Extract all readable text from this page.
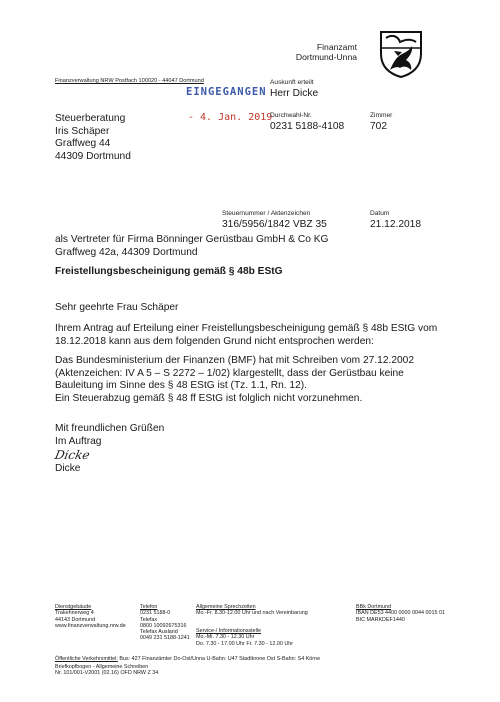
Finanzamt
Dortmund-Unna
Finanzverwaltung NRW Postfach 100020 - 44047 Dortmund
EINGEGANGEN
- 4. Jan. 2019
Steuerberatung
Iris Schäper
Graffweg 44
44309 Dortmund
Auskunft erteilt
Herr Dicke
Durchwahl-Nr.
0231 5188-4108
Zimmer
702
Steuernummer / Aktenzeichen
316/5956/1842 VBZ 35
Datum
21.12.2018
als Vertreter für Firma Bönninger Gerüstbau GmbH & Co KG
Graffweg 42a, 44309 Dortmund
Freistellungsbescheinigung gemäß § 48b EStG
Sehr geehrte Frau Schäper
Ihrem Antrag auf Erteilung einer Freistellungsbescheinigung gemäß § 48b EStG vom
18.12.2018 kann aus dem folgenden Grund nicht entsprochen werden:
Das Bundesministerium der Finanzen (BMF) hat mit Schreiben vom 27.12.2002
(Aktenzeichen: IV A 5 – S 2272 – 1/02) klargestellt, dass der Gerüstbau keine
Bauleitung im Sinne des § 48 EStG ist (Tz. 1.1, Rn. 12).
Ein Steuerabzug gemäß § 48 ff EStG ist folglich nicht vorzunehmen.
Mit freundlichen Grüßen
Im Auftrag
Dicke
Dicke
Dienstgebäude
Trakehnerweg 4
44143 Dortmund
www.finanzverwaltung.nrw.de
Telefon
0231 5188-0
Telefax
0800 10092675316
Telefax Ausland
0049 231 5188-1241
Allgemeine Sprechzeiten
Mo.-Fr. 8.30-12.00 Uhr und nach Vereinbarung
Service-/ Informationsstelle
Mo.-Mi. 7.30 - 12.30 Uhr
Do. 7.30 - 17.00 Uhr Fr. 7.30 - 12.00 Uhr
BBk Dortmund
IBAN DE53 4400 0000 0044 0015 01
BIC MARKDEF1440
Öffentliche Verkehrsmittel: Bus: 427 Finanzämter Do-Ost/Unna U-Bahn: U47 Stadtkrone Ost S-Bahn: S4 Körne
Briefkopfbogen - Allgemeine Schreiben
Nr. 101/001-V2001 (02.16) OFD NRW Z 34
